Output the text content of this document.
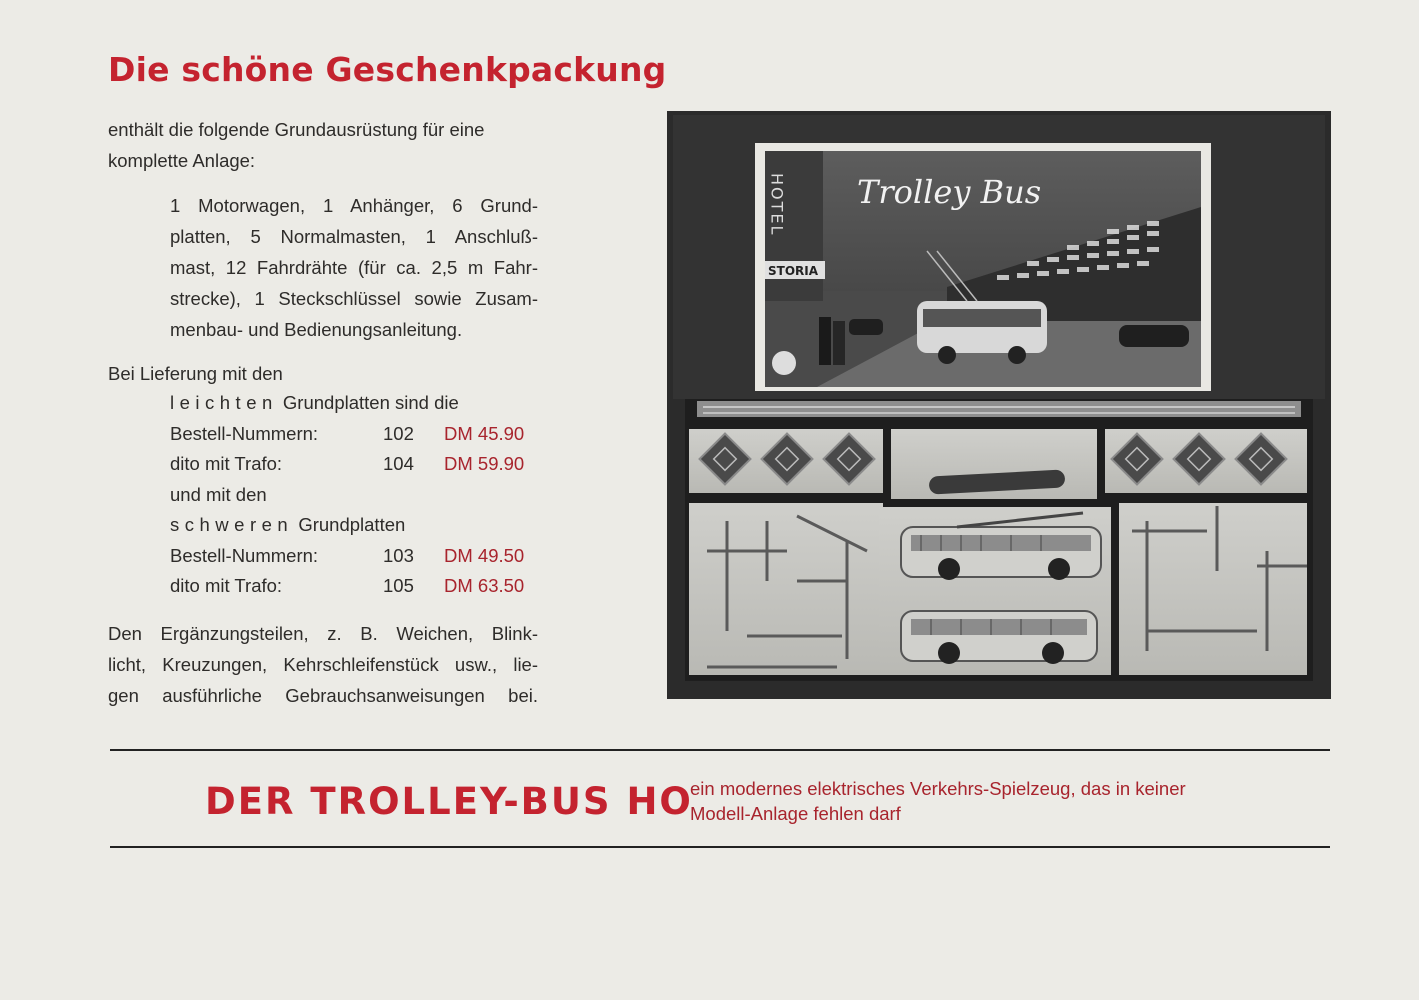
Die schöne Geschenkpackung
enthält die folgende Grundausrüstung für eine
komplette Anlage:
1 Motorwagen, 1 Anhänger, 6 Grund-
platten, 5 Normalmasten, 1 Anschluß-
mast, 12 Fahrdrähte (für ca. 2,5 m Fahr-
strecke), 1 Steckschlüssel sowie Zusam-
menbau- und Bedienungsanleitung.
Bei Lieferung mit den
leichten Grundplatten sind die
Bestell-Nummern:	102 DM 45.90
dito mit Trafo:	104 DM 59.90
und mit den
schweren Grundplatten
Bestell-Nummern:	103 DM 49.50
dito mit Trafo:	105 DM 63.50
Den Ergänzungsteilen, z. B. Weichen, Blink-
licht, Kreuzungen, Kehrschleifenstück usw., lie-
gen ausführliche Gebrauchsanweisungen bei.
HOTEL
STORIA
Trolley Bus
DER TROLLEY-BUS HO
ein modernes elektrisches Verkehrs-Spielzeug, das in keiner
Modell-Anlage fehlen darf
